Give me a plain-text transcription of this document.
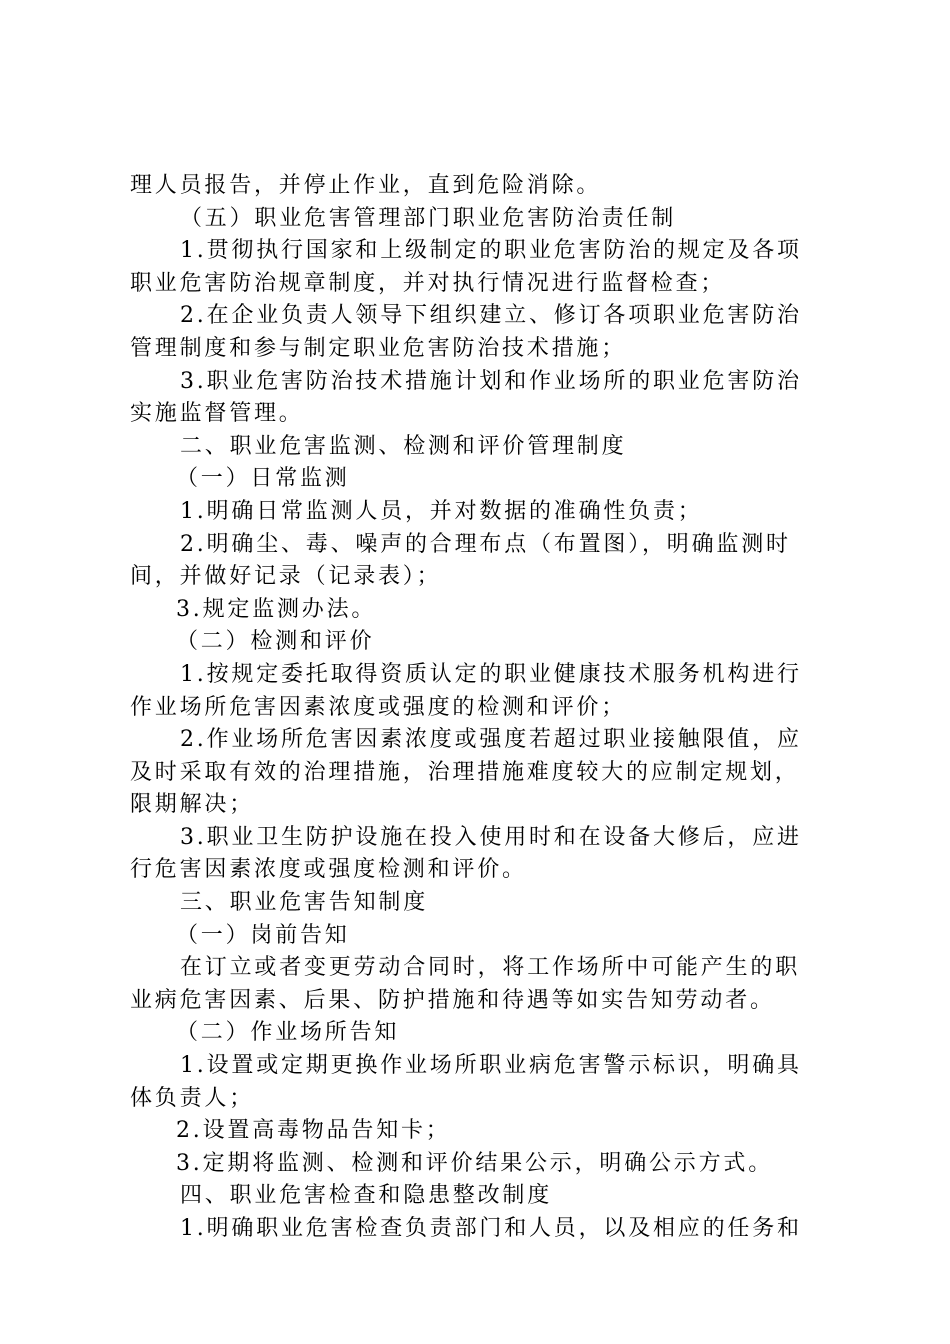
理人员报告，并停止作业，直到危险消除。
（五）职业危害管理部门职业危害防治责任制
1.贯彻执行国家和上级制定的职业危害防治的规定及各项
职业危害防治规章制度，并对执行情况进行监督检查；
2.在企业负责人领导下组织建立、修订各项职业危害防治
管理制度和参与制定职业危害防治技术措施；
3.职业危害防治技术措施计划和作业场所的职业危害防治
实施监督管理。
二、职业危害监测、检测和评价管理制度
（一）日常监测
1.明确日常监测人员，并对数据的准确性负责；
2.明确尘、毒、噪声的合理布点（布置图），明确监测时
间，并做好记录（记录表）；
3.规定监测办法。
（二）检测和评价
1.按规定委托取得资质认定的职业健康技术服务机构进行
作业场所危害因素浓度或强度的检测和评价；
2.作业场所危害因素浓度或强度若超过职业接触限值，应
及时采取有效的治理措施，治理措施难度较大的应制定规划，
限期解决；
3.职业卫生防护设施在投入使用时和在设备大修后，应进
行危害因素浓度或强度检测和评价。
三、职业危害告知制度
（一）岗前告知
在订立或者变更劳动合同时，将工作场所中可能产生的职
业病危害因素、后果、防护措施和待遇等如实告知劳动者。
（二）作业场所告知
1.设置或定期更换作业场所职业病危害警示标识，明确具
体负责人；
2.设置高毒物品告知卡；
3.定期将监测、检测和评价结果公示，明确公示方式。
四、职业危害检查和隐患整改制度
1.明确职业危害检查负责部门和人员，以及相应的任务和
